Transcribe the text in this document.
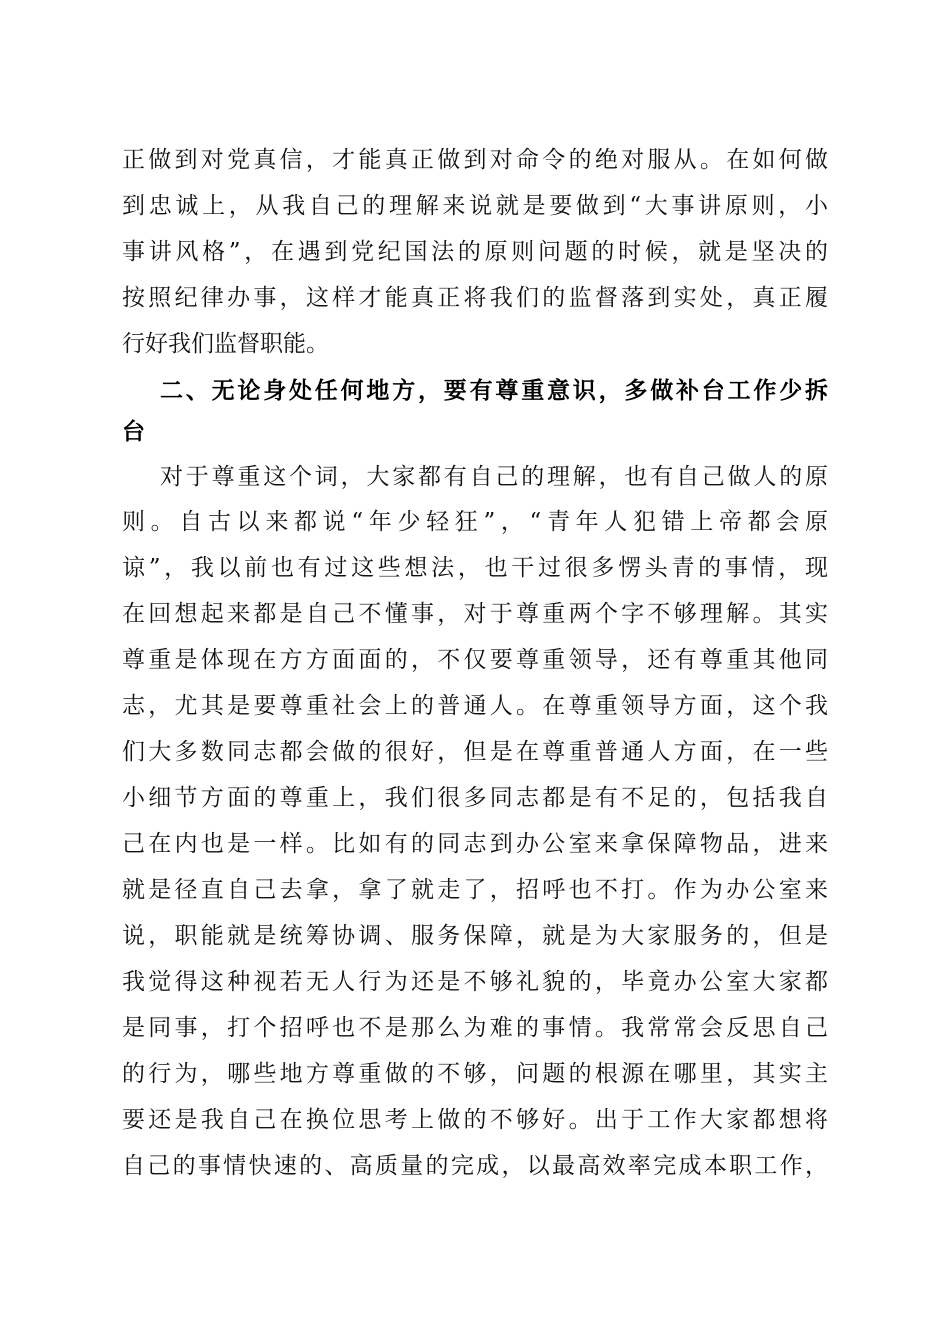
正做到对党真信，才能真正做到对命令的绝对服从。在如何做
到忠诚上，从我自己的理解来说就是要做到“大事讲原则，小
事讲风格”，在遇到党纪国法的原则问题的时候，就是坚决的
按照纪律办事，这样才能真正将我们的监督落到实处，真正履
行好我们监督职能。
二、无论身处任何地方，要有尊重意识，多做补台工作少拆
台
对于尊重这个词，大家都有自己的理解，也有自己做人的原
则。自古以来都说“年少轻狂”，“青年人犯错上帝都会原
谅”，我以前也有过这些想法，也干过很多愣头青的事情，现
在回想起来都是自己不懂事，对于尊重两个字不够理解。其实
尊重是体现在方方面面的，不仅要尊重领导，还有尊重其他同
志，尤其是要尊重社会上的普通人。在尊重领导方面，这个我
们大多数同志都会做的很好，但是在尊重普通人方面，在一些
小细节方面的尊重上，我们很多同志都是有不足的，包括我自
己在内也是一样。比如有的同志到办公室来拿保障物品，进来
就是径直自己去拿，拿了就走了，招呼也不打。作为办公室来
说，职能就是统筹协调、服务保障，就是为大家服务的，但是
我觉得这种视若无人行为还是不够礼貌的，毕竟办公室大家都
是同事，打个招呼也不是那么为难的事情。我常常会反思自己
的行为，哪些地方尊重做的不够，问题的根源在哪里，其实主
要还是我自己在换位思考上做的不够好。出于工作大家都想将
自己的事情快速的、高质量的完成，以最高效率完成本职工作，
